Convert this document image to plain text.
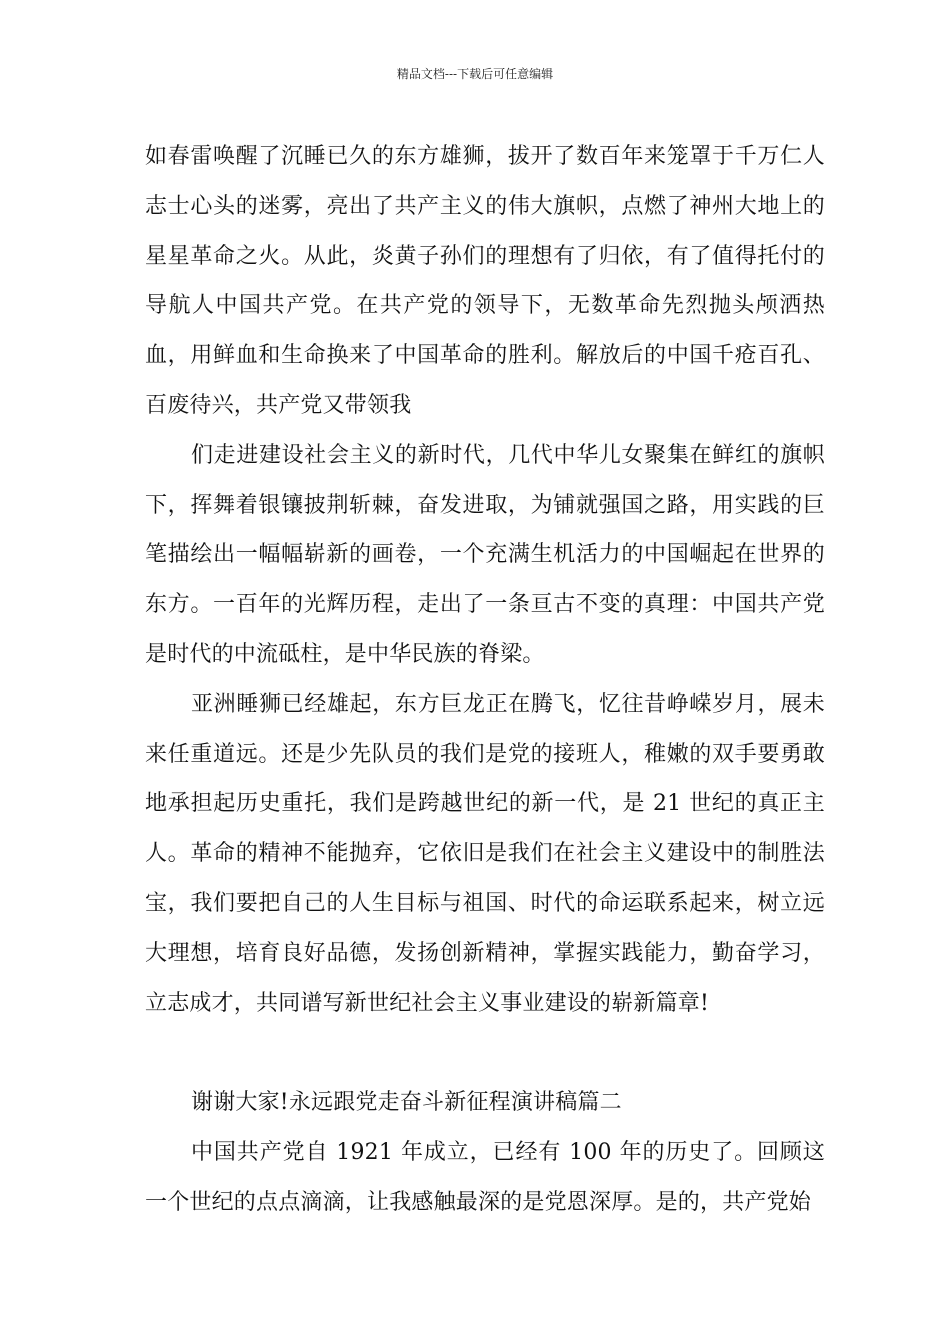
精品文档---下载后可任意编辑

如春雷唤醒了沉睡已久的东方雄狮，拔开了数百年来笼罩于千万仁人志士心头的迷雾，亮出了共产主义的伟大旗帜，点燃了神州大地上的星星革命之火。从此，炎黄子孙们的理想有了归依，有了值得托付的导航人中国共产党。在共产党的领导下，无数革命先烈抛头颅洒热血，用鲜血和生命换来了中国革命的胜利。解放后的中国千疮百孔、百废待兴，共产党又带领我

们走进建设社会主义的新时代，几代中华儿女聚集在鲜红的旗帜下，挥舞着银镶披荆斩棘，奋发进取，为铺就强国之路，用实践的巨笔描绘出一幅幅崭新的画卷，一个充满生机活力的中国崛起在世界的东方。一百年的光辉历程，走出了一条亘古不变的真理：中国共产党是时代的中流砥柱，是中华民族的脊梁。

亚洲睡狮已经雄起，东方巨龙正在腾飞，忆往昔峥嵘岁月，展未来任重道远。还是少先队员的我们是党的接班人，稚嫩的双手要勇敢地承担起历史重托，我们是跨越世纪的新一代，是 21 世纪的真正主人。革命的精神不能抛弃，它依旧是我们在社会主义建设中的制胜法宝，我们要把自己的人生目标与祖国、时代的命运联系起来，树立远大理想，培育良好品德，发扬创新精神，掌握实践能力，勤奋学习，立志成才，共同谱写新世纪社会主义事业建设的崭新篇章!

谢谢大家!永远跟党走奋斗新征程演讲稿篇二

中国共产党自 1921 年成立，已经有 100 年的历史了。回顾这一个世纪的点点滴滴，让我感触最深的是党恩深厚。是的，共产党始
